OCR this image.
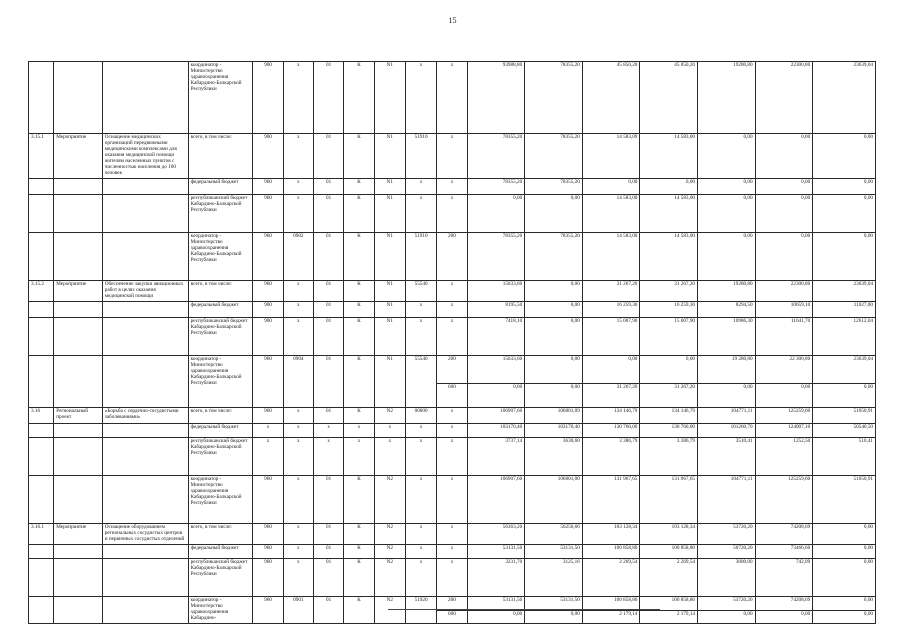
15
			координатор - Министерство здравоохранения Кабардино-Балкарской Республики	960	x	01	К	N1	x	x	93988,80	78355,20	45 850,20	45 850,20	19280,80	22300,80	23639,04
3.15.1	Мероприятие	Оснащение медицинских организаций передвижными медицинскими комплексами для оказания медицинской помощи жителям населенных пунктов с численностью населения до 100 человек	всего, в том числе:	960	x	01	К	N1	51910	x	78355,20	78355,20	14 583,09	14 583,00	0,00	0,00	0,00
			федеральный бюджет	960	x	01	К	N1	x	x	78355,20	78355,20	0,00	0,00	0,00	0,00	0,00
			республиканский бюджет Кабардино-Балкарской Республики	960	x	01	К	N1	x	x	0,00	0,00	14 583,00	14 583,00	0,00	0,00	0,00
			координатор - Министерство здравоохранения Кабардино-Балкарской Республики	960	0902	01	К	N1	51910	200	78355,20	78355,20	14 583,00	14 583,00	0,00	0,00	0,00
3.15.2	Мероприятие	Обеспечение закупки авиационных работ в целях оказания медицинской помощи	всего, в том числе:	960	x	01	К	N1	55540	x	15633,60	0,00	31 267,20	31 267,20	19280,80	22300,80	23639,04
			федеральный бюджет	960	x	01	К	N1	x	x	8195,50	0,00	16 259,30	16 259,30	8294,50	10659,10	11027,00
			республиканский бюджет Кабардино-Балкарской Республики	960	x	01	К	N1	x	x	7418,10	0,00	15 007,90	15 007,90	10986,30	11641,70	12612,04
			координатор - Министерство здравоохранения Кабардино-Балкарской Республики	960	0904	01	К	N1	55540	200	15633,60	0,00	0,00	0,00	19 280,80	22 300,80	23639,04
										600	0,00	0,00	31 267,20	31 267,20	0,00	0,00	0,00
3.16	Региональный проект	«Борьба с сердечно-сосудистыми заболеваниями»	всего, в том числе:	960	x	01	К	N2	00000	x	106907,60	106801,09	134 146,79	134 146,79	104771,11	125259,60	51050,91
			федеральный бюджет	x	x	x	x	x	x	x	103170,40	103170,40	130 760,00	130 760,00	101260,70	124007,10	50540,50
			республиканский бюджет Кабардино-Балкарской Республики	x	x	x	x	x	x	x	3737,14	3630,60	3 386,79	3 386,79	3510,41	1252,50	510,41
			координатор - Министерство здравоохранения Кабардино-Балкарской Республики	960	x	01	К	N2	x	x	106907,60	106801,00	131 967,65	131 967,65	104771,11	125259,60	51050,91
3.16.1	Мероприятие	Оснащение оборудованием региональных сосудистых центров и первичных сосудистых отделений	всего, в том числе:	960	x	01	К	N2	x	x	56363,20	56256,66	103 128,34	103 128,34	53720,20	74208,69	0,00
			федеральный бюджет	960	x	01	К	N2	x	x	53131,50	53131,50	100 858,80	100 858,80	50720,20	73466,60	0,00
			республиканский бюджет Кабардино-Балкарской Республики	960	x	01	К	N2	x	x	3231,70	3125,16	2 269,54	2 269,54	3000,00	742,09	0,00
			координатор - Министерство здравоохранения Кабардино-	960	0901	01	К	N2	51920	200	53131,50	53131,50	100 858,80	100 858,80	53720,20	74208,69	0,00
										600	0,00	0,00	2 179,14	2 179,14	0,00	0,00	0,00
